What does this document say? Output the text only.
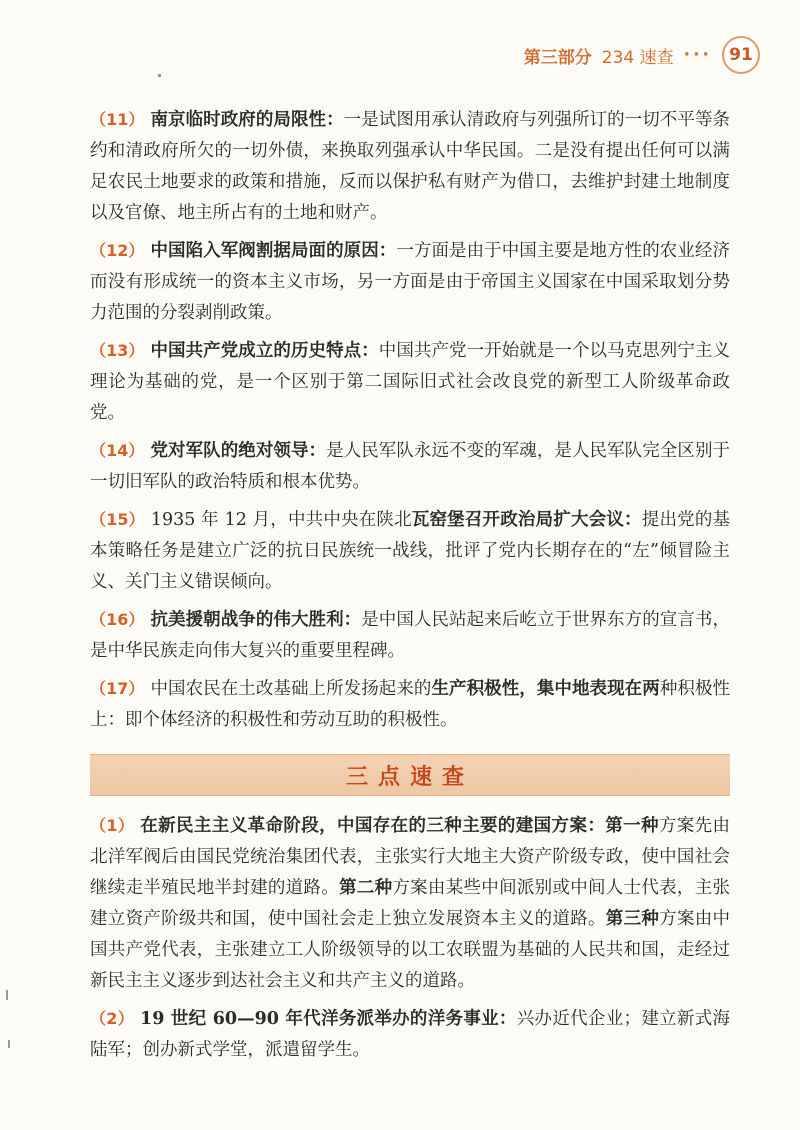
第三部分 234 速查 ···	91

（11） 南京临时政府的局限性：一是试图用承认清政府与列强所订的一切不平等条约和清政府所欠的一切外债，来换取列强承认中华民国。二是没有提出任何可以满足农民土地要求的政策和措施，反而以保护私有财产为借口，去维护封建土地制度以及官僚、地主所占有的土地和财产。

（12） 中国陷入军阀割据局面的原因：一方面是由于中国主要是地方性的农业经济而没有形成统一的资本主义市场，另一方面是由于帝国主义国家在中国采取划分势力范围的分裂剥削政策。

（13） 中国共产党成立的历史特点：中国共产党一开始就是一个以马克思列宁主义理论为基础的党，是一个区别于第二国际旧式社会改良党的新型工人阶级革命政党。

（14） 党对军队的绝对领导：是人民军队永远不变的军魂，是人民军队完全区别于一切旧军队的政治特质和根本优势。

（15） 1935 年 12 月，中共中央在陕北瓦窑堡召开政治局扩大会议：提出党的基本策略任务是建立广泛的抗日民族统一战线，批评了党内长期存在的“左”倾冒险主义、关门主义错误倾向。

（16） 抗美援朝战争的伟大胜利：是中国人民站起来后屹立于世界东方的宣言书，是中华民族走向伟大复兴的重要里程碑。

（17） 中国农民在土改基础上所发扬起来的生产积极性，集中地表现在两种积极性上：即个体经济的积极性和劳动互助的积极性。

三点速查

（1） 在新民主主义革命阶段，中国存在的三种主要的建国方案：第一种方案先由北洋军阀后由国民党统治集团代表，主张实行大地主大资产阶级专政，使中国社会继续走半殖民地半封建的道路。第二种方案由某些中间派别或中间人士代表，主张建立资产阶级共和国，使中国社会走上独立发展资本主义的道路。第三种方案由中国共产党代表，主张建立工人阶级领导的以工农联盟为基础的人民共和国，走经过新民主主义逐步到达社会主义和共产主义的道路。

（2） 19 世纪 60—90 年代洋务派举办的洋务事业：兴办近代企业；建立新式海陆军；创办新式学堂，派遣留学生。
